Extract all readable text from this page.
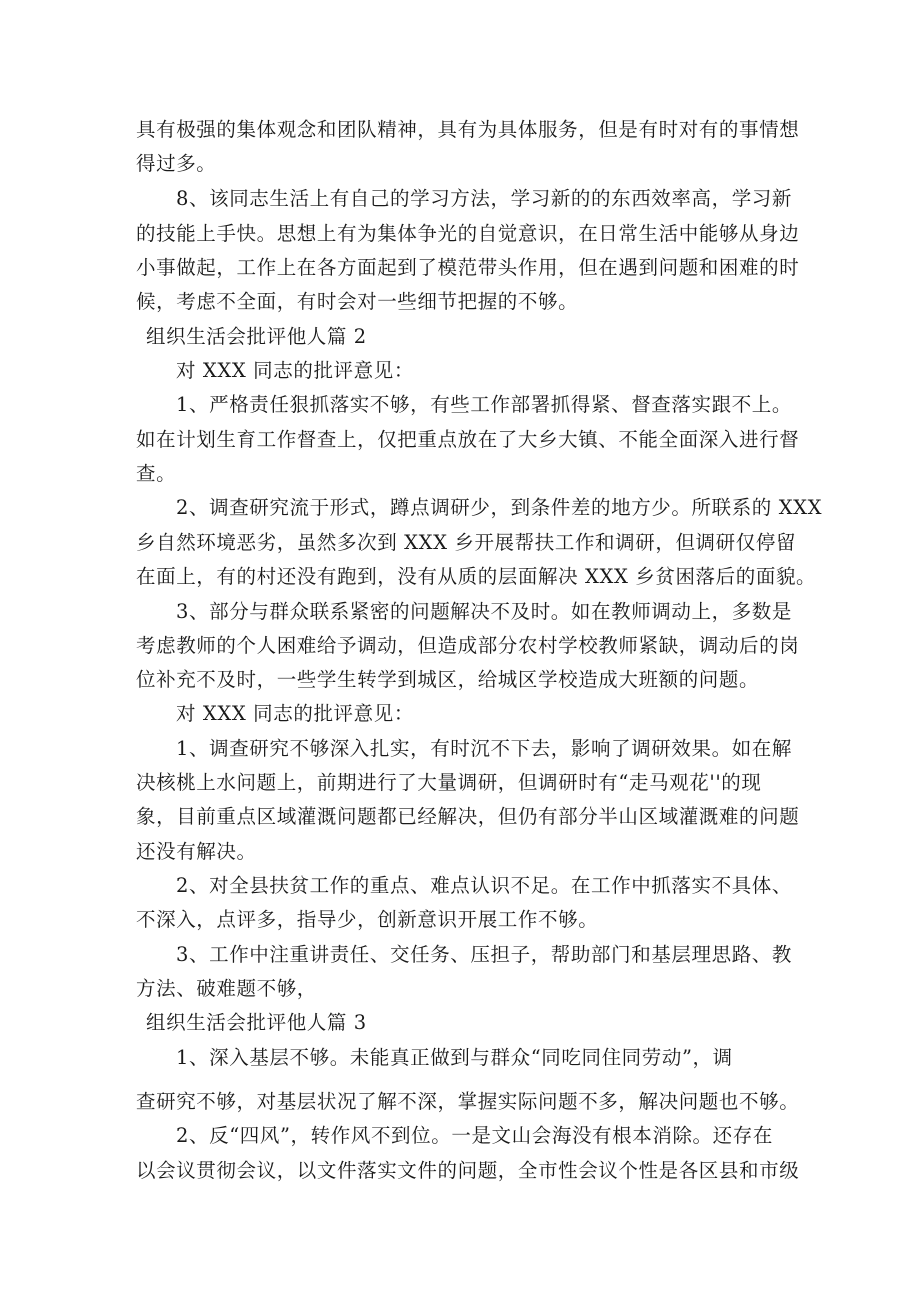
具有极强的集体观念和团队精神，具有为具体服务，但是有时对有的事情想
得过多。
8、该同志生活上有自己的学习方法，学习新的的东西效率高，学习新
的技能上手快。思想上有为集体争光的自觉意识，在日常生活中能够从身边
小事做起，工作上在各方面起到了模范带头作用，但在遇到问题和困难的时
候，考虑不全面，有时会对一些细节把握的不够。
组织生活会批评他人篇 2
对 XXX 同志的批评意见：
1、严格责任狠抓落实不够，有些工作部署抓得紧、督查落实跟不上。
如在计划生育工作督查上，仅把重点放在了大乡大镇、不能全面深入进行督
查。
2、调查研究流于形式，蹲点调研少，到条件差的地方少。所联系的 XXX
乡自然环境恶劣，虽然多次到 XXX 乡开展帮扶工作和调研，但调研仅停留
在面上，有的村还没有跑到，没有从质的层面解决 XXX 乡贫困落后的面貌。
3、部分与群众联系紧密的问题解决不及时。如在教师调动上，多数是
考虑教师的个人困难给予调动，但造成部分农村学校教师紧缺，调动后的岗
位补充不及时，一些学生转学到城区，给城区学校造成大班额的问题。
对 XXX 同志的批评意见：
1、调查研究不够深入扎实，有时沉不下去，影响了调研效果。如在解
决核桃上水问题上，前期进行了大量调研，但调研时有“走马观花''的现
象，目前重点区域灌溉问题都已经解决，但仍有部分半山区域灌溉难的问题
还没有解决。
2、对全县扶贫工作的重点、难点认识不足。在工作中抓落实不具体、
不深入，点评多，指导少，创新意识开展工作不够。
3、工作中注重讲责任、交任务、压担子，帮助部门和基层理思路、教
方法、破难题不够，
组织生活会批评他人篇 3
1、深入基层不够。未能真正做到与群众“同吃同住同劳动”，调
查研究不够，对基层状况了解不深，掌握实际问题不多，解决问题也不够。
2、反“四风”，转作风不到位。一是文山会海没有根本消除。还存在
以会议贯彻会议，以文件落实文件的问题，全市性会议个性是各区县和市级
